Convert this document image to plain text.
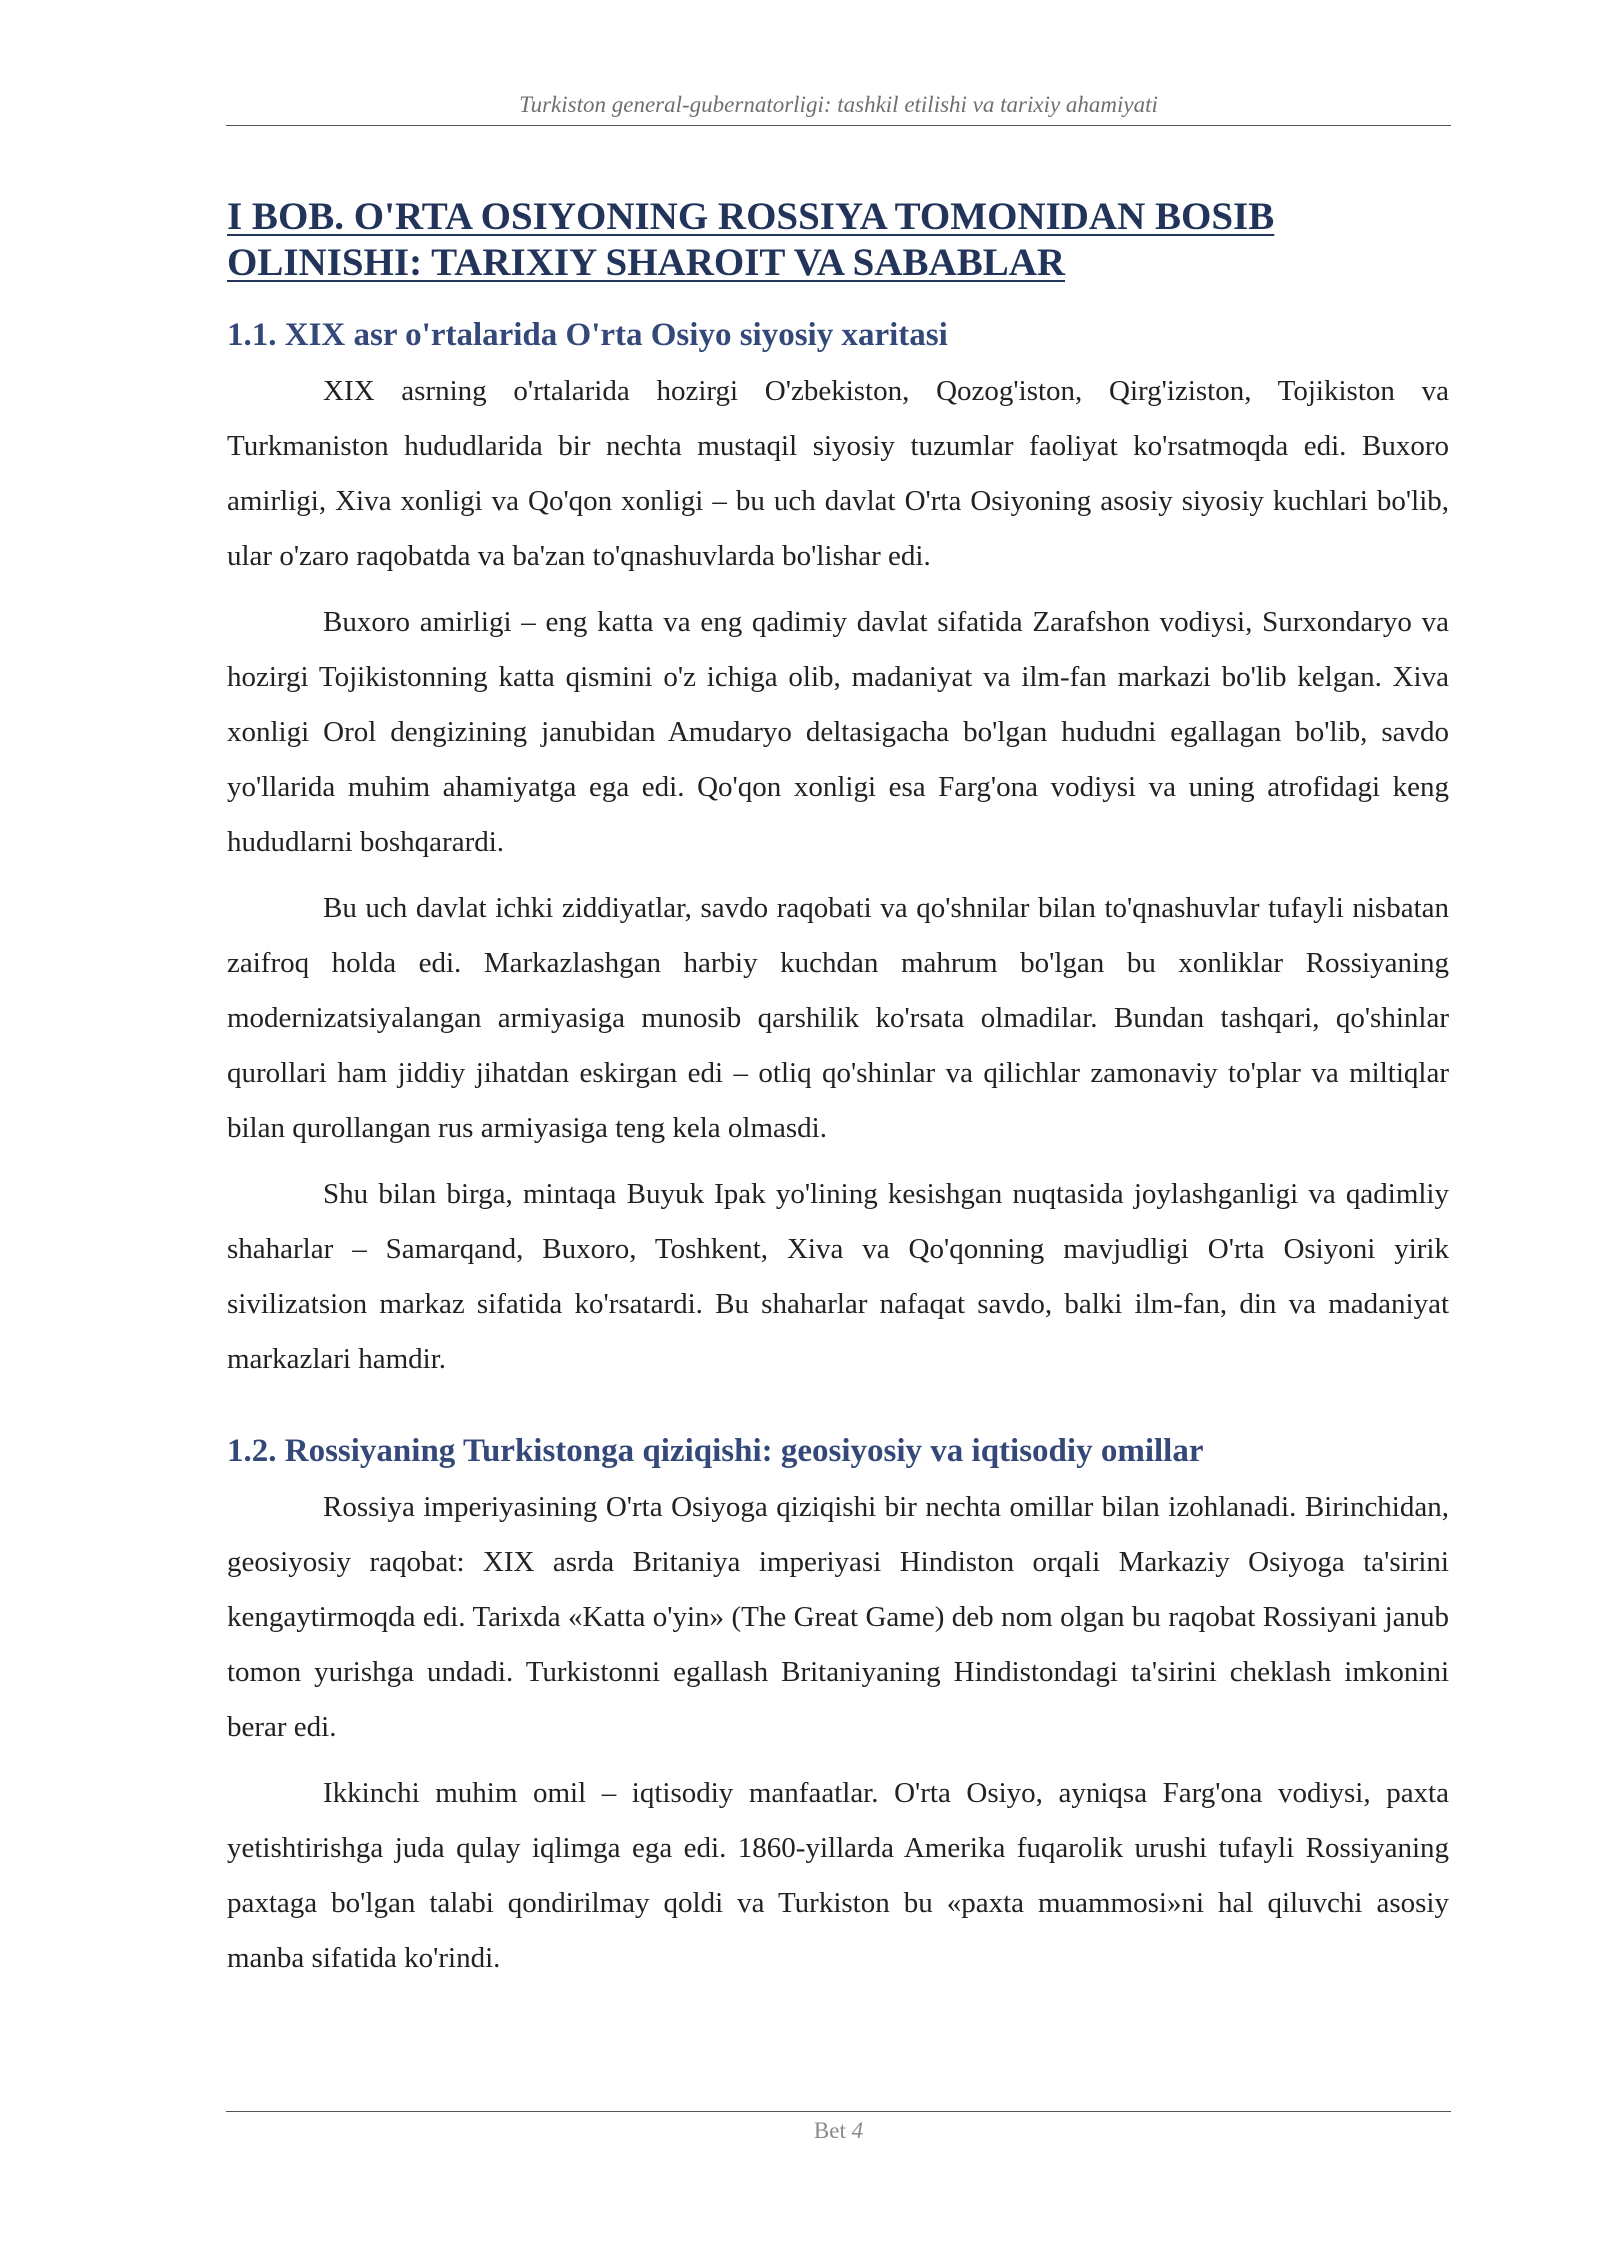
Turkiston general-gubernatorligi: tashkil etilishi va tarixiy ahamiyati
I BOB. O'RTA OSIYONING ROSSIYA TOMONIDAN BOSIB OLINISHI: TARIXIY SHAROIT VA SABABLAR
1.1. XIX asr o'rtalarida O'rta Osiyo siyosiy xaritasi

XIX asrning o'rtalarida hozirgi O'zbekiston, Qozog'iston, Qirg'iziston, Tojikiston va Turkmaniston hududlarida bir nechta mustaqil siyosiy tuzumlar faoliyat ko'rsatmoqda edi. Buxoro amirligi, Xiva xonligi va Qo'qon xonligi – bu uch davlat O'rta Osiyoning asosiy siyosiy kuchlari bo'lib, ular o'zaro raqobatda va ba'zan to'qnashuvlarda bo'lishar edi.

Buxoro amirligi – eng katta va eng qadimiy davlat sifatida Zarafshon vodiysi, Surxondaryo va hozirgi Tojikistonning katta qismini o'z ichiga olib, madaniyat va ilm-fan markazi bo'lib kelgan. Xiva xonligi Orol dengizining janubidan Amudaryo deltasigacha bo'lgan hududni egallagan bo'lib, savdo yo'llarida muhim ahamiyatga ega edi. Qo'qon xonligi esa Farg'ona vodiysi va uning atrofidagi keng hududlarni boshqarardi.

Bu uch davlat ichki ziddiyatlar, savdo raqobati va qo'shnilar bilan to'qnashuvlar tufayli nisbatan zaifroq holda edi. Markazlashgan harbiy kuchdan mahrum bo'lgan bu xonliklar Rossiyaning modernizatsiyalangan armiyasiga munosib qarshilik ko'rsata olmadilar. Bundan tashqari, qo'shinlar qurollari ham jiddiy jihatdan eskirgan edi – otliq qo'shinlar va qilichlar zamonaviy to'plar va miltiqlar bilan qurollangan rus armiyasiga teng kela olmasdi.

Shu bilan birga, mintaqa Buyuk Ipak yo'lining kesishgan nuqtasida joylashganligi va qadimliy shaharlar – Samarqand, Buxoro, Toshkent, Xiva va Qo'qonning mavjudligi O'rta Osiyoni yirik sivilizatsion markaz sifatida ko'rsatardi. Bu shaharlar nafaqat savdo, balki ilm-fan, din va madaniyat markazlari hamdir.

1.2. Rossiyaning Turkistonga qiziqishi: geosiyosiy va iqtisodiy omillar

Rossiya imperiyasining O'rta Osiyoga qiziqishi bir nechta omillar bilan izohlanadi. Birinchidan, geosiyosiy raqobat: XIX asrda Britaniya imperiyasi Hindiston orqali Markaziy Osiyoga ta'sirini kengaytirmoqda edi. Tarixda «Katta o'yin» (The Great Game) deb nom olgan bu raqobat Rossiyani janub tomon yurishga undadi. Turkistonni egallash Britaniyaning Hindistondagi ta'sirini cheklash imkonini berar edi.

Ikkinchi muhim omil – iqtisodiy manfaatlar. O'rta Osiyo, ayniqsa Farg'ona vodiysi, paxta yetishtirishga juda qulay iqlimga ega edi. 1860-yillarda Amerika fuqarolik urushi tufayli Rossiyaning paxtaga bo'lgan talabi qondirilmay qoldi va Turkiston bu «paxta muammosi»ni hal qiluvchi asosiy manba sifatida ko'rindi.

Bet 4
